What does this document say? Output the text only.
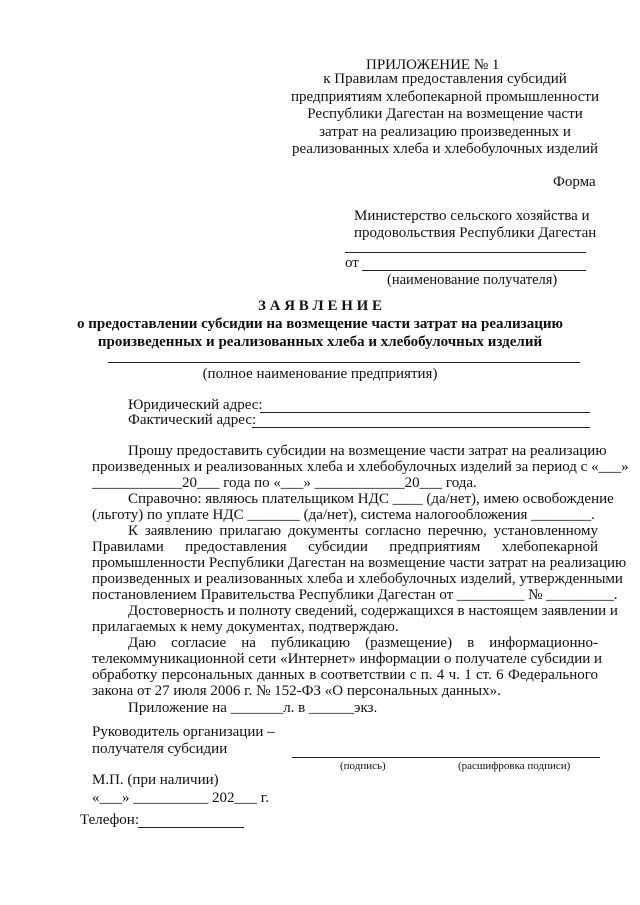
ПРИЛОЖЕНИЕ № 1
к Правилам предоставления субсидий
предприятиям хлебопекарной промышленности
Республики Дагестан на возмещение части
затрат на реализацию произведенных и
реализованных хлеба и хлебобулочных изделий
Форма
Министерство сельского хозяйства и
продовольствия Республики Дагестан
от
(наименование получателя)
З А Я В Л Е Н И Е
о предоставлении субсидии на возмещение части затрат на реализацию
произведенных и реализованных хлеба и хлебобулочных изделий
(полное наименование предприятия)
Юридический адрес:
Фактический адрес:
Прошу предоставить субсидии на возмещение части затрат на реализацию
произведенных и реализованных хлеба и хлебобулочных изделий за период с «___»
____________20___ года по «___» ____________20___ года.
Справочно: являюсь плательщиком НДС ____ (да/нет), имею освобождение
(льготу) по уплате НДС _______ (да/нет), система налогообложения ________.
К заявлению прилагаю документы согласно перечню, установленному
Правилами предоставления субсидии предприятиям хлебопекарной
промышленности Республики Дагестан на возмещение части затрат на реализацию
произведенных и реализованных хлеба и хлебобулочных изделий, утвержденными
постановлением Правительства Республики Дагестан от _________ № _________.
Достоверность и полноту сведений, содержащихся в настоящем заявлении и
прилагаемых к нему документах, подтверждаю.
Даю согласие на публикацию (размещение) в информационно-
телекоммуникационной сети «Интернет» информации о получателе субсидии и
обработку персональных данных в соответствии с п. 4 ч. 1 ст. 6 Федерального
закона от 27 июля 2006 г. № 152-ФЗ «О персональных данных».
Приложение на _______л. в ______экз.
Руководитель организации –
получателя субсидии
(подпись)	(расшифровка подписи)
М.П. (при наличии)
«___» __________ 202___ г.
Телефон:
